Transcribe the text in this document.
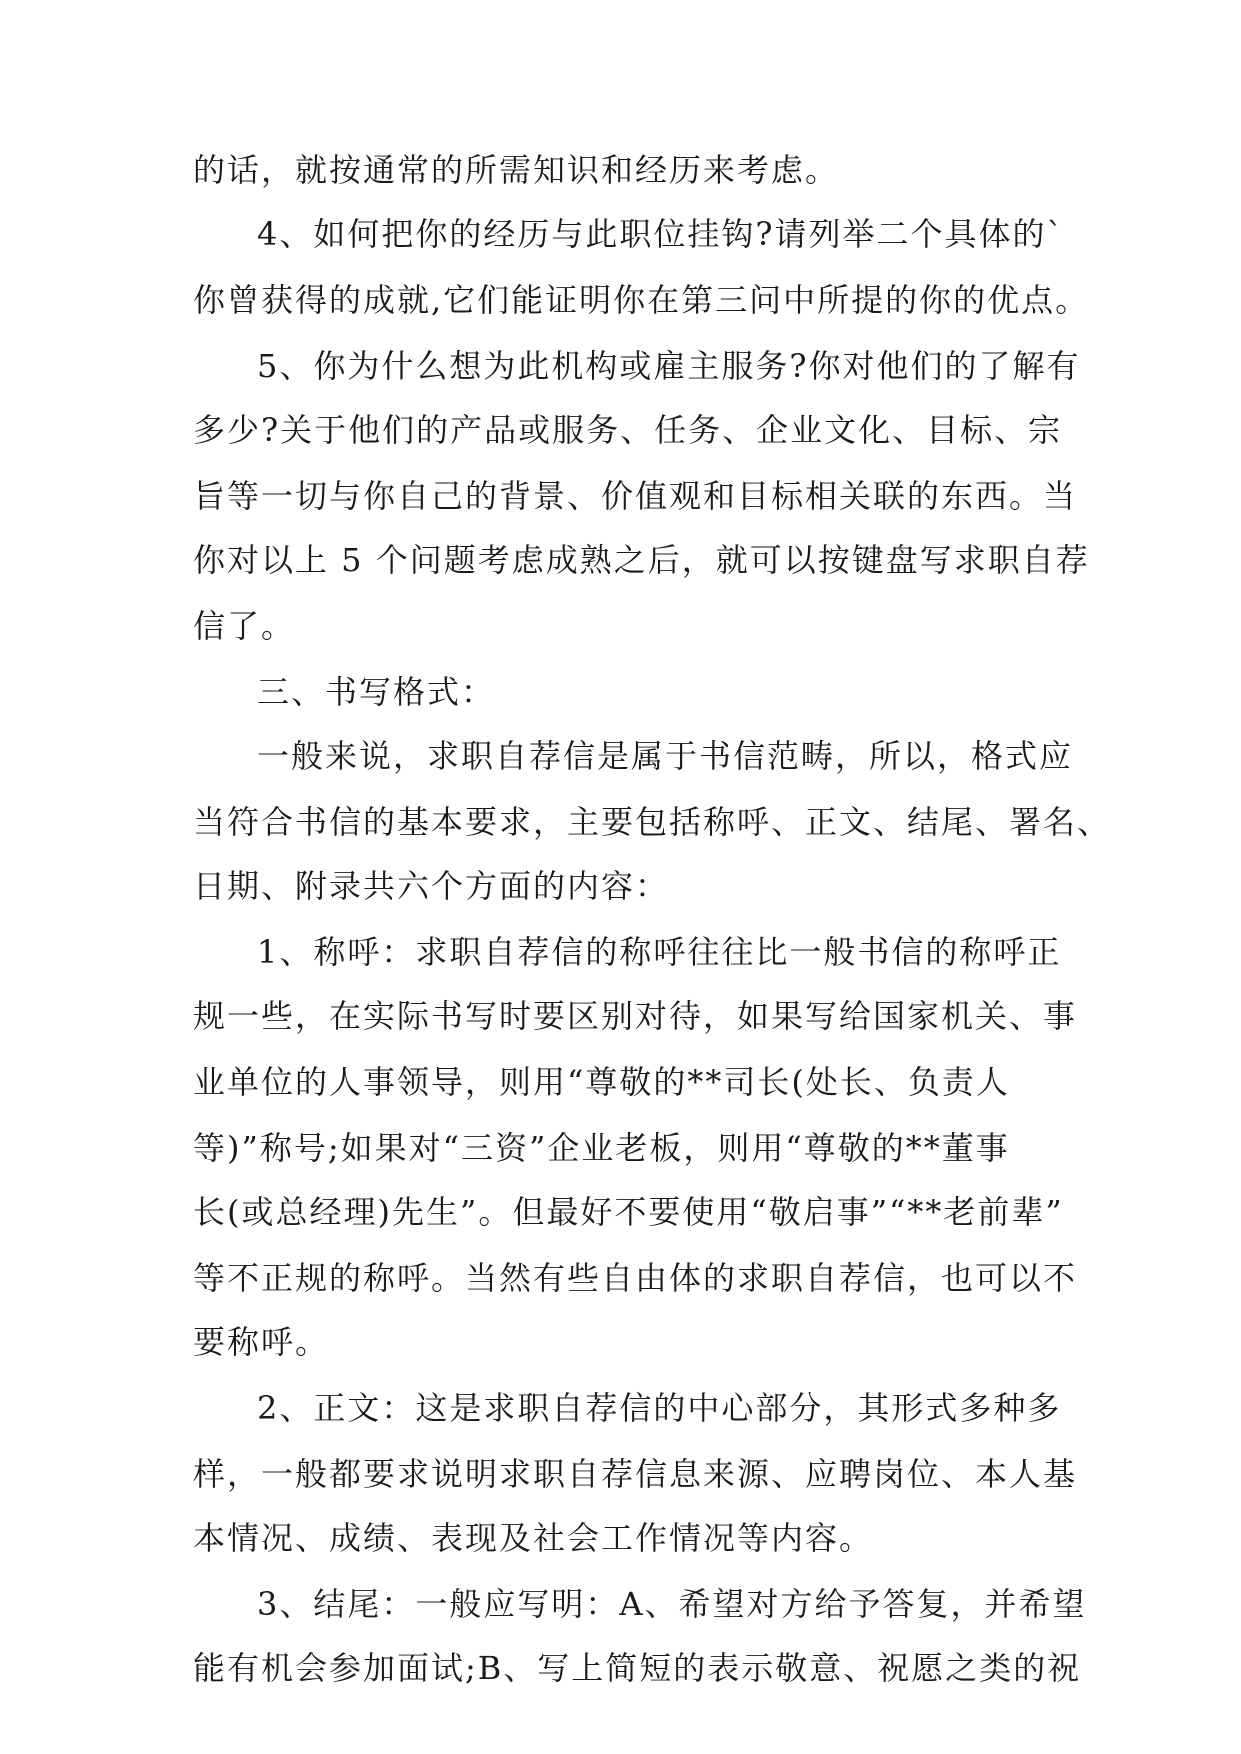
的话，就按通常的所需知识和经历来考虑。
4、如何把你的经历与此职位挂钩?请列举二个具体的`
你曾获得的成就,它们能证明你在第三问中所提的你的优点。
5、你为什么想为此机构或雇主服务?你对他们的了解有
多少?关于他们的产品或服务、任务、企业文化、目标、宗
旨等一切与你自己的背景、价值观和目标相关联的东西。当
你对以上 5 个问题考虑成熟之后，就可以按键盘写求职自荐
信了。
三、书写格式：
一般来说，求职自荐信是属于书信范畴，所以，格式应
当符合书信的基本要求，主要包括称呼、正文、结尾、署名、
日期、附录共六个方面的内容：
1、称呼：求职自荐信的称呼往往比一般书信的称呼正
规一些，在实际书写时要区别对待，如果写给国家机关、事
业单位的人事领导，则用“尊敬的**司长(处长、负责人
等)”称号;如果对“三资”企业老板，则用“尊敬的**董事
长(或总经理)先生”。但最好不要使用“敬启事”“**老前辈”
等不正规的称呼。当然有些自由体的求职自荐信，也可以不
要称呼。
2、正文：这是求职自荐信的中心部分，其形式多种多
样，一般都要求说明求职自荐信息来源、应聘岗位、本人基
本情况、成绩、表现及社会工作情况等内容。
3、结尾：一般应写明：A、希望对方给予答复，并希望
能有机会参加面试;B、写上简短的表示敬意、祝愿之类的祝
